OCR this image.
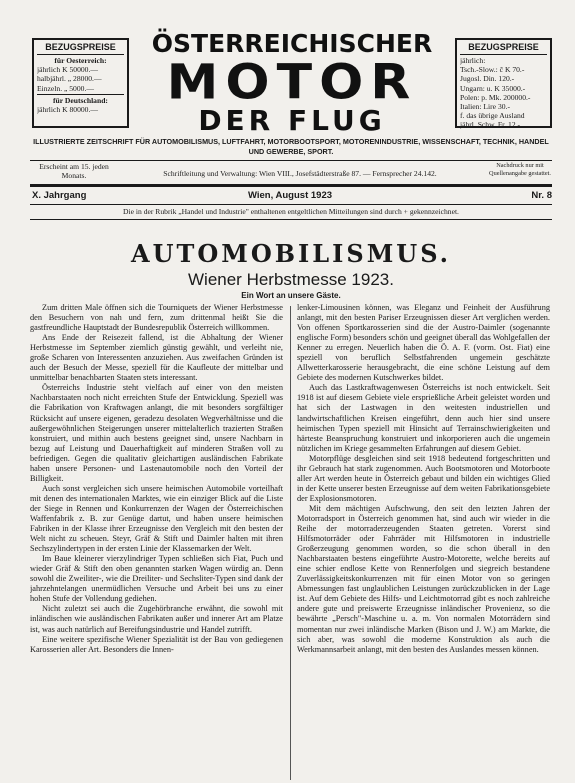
BEZUGSPREISE
für Oesterreich:
jährlich K 50000.—
halbjährl. „ 28000.—
Einzeln. „ 5000.—
für Deutschland:
jährlich K 80000.—
BEZUGSPREISE
jährlich:
Tsch.-Slow.: č K 70.-
Jugosl. Din. 120.-
Ungarn: u. K 35000.-
Polen: p. Mk. 200000.-
Italien: Lire 30.-
f. das übrige Ausland
jährl. Schw. Fr. 12.-
ÖSTERREICHISCHER
MOTOR
DER FLUG
ILLUSTRIERTE ZEITSCHRIFT FÜR AUTOMOBILISMUS, LUFTFAHRT, MOTORBOOTSPORT, MOTORENINDUSTRIE, WISSENSCHAFT, TECHNIK, HANDEL UND GEWERBE, SPORT.
Erscheint am 15. jeden Monats.	Schriftleitung und Verwaltung: Wien VIII., Josefstädterstraße 87. — Fernsprecher 24.142.
Nachdruck nur mit Quellenangabe gestattet.
X. Jahrgang	Wien, August 1923	Nr. 8
Die in der Rubrik „Handel und Industrie" enthaltenen entgeltlichen Mitteilungen sind durch + gekennzeichnet.
AUTOMOBILISMUS.
Wiener Herbstmesse 1923.
Ein Wort an unsere Gäste.

Zum dritten Male öffnen sich die Tourniquets der Wiener Herbstmesse den Besuchern von nah und fern, zum drittenmal heißt Sie die gastfreundliche Hauptstadt der Bundesrepublik Österreich willkommen.

Ans Ende der Reisezeit fallend, ist die Abhaltung der Wiener Herbstmesse im September ziemlich günstig gewählt, und verleiht nie, große Scharen von Interessenten anzuziehen. Aus zweifachen Gründen ist auch der Besuch der Messe, speziell für die Kaufleute der mittelbar und unmittelbar benachbarten Staaten stets interessant.

Österreichs Industrie steht vielfach auf einer von den meisten Nachbarstaaten noch nicht erreichten Stufe der Entwicklung. Speziell was die Fabrikation von Kraftwagen anlangt, die mit besonders sorgfältiger Rücksicht auf unsere eigenen, geradezu desolaten Wegverhältnisse und die außergewöhnlichen Steigerungen unserer mittelalterlich trazierten Straßen konstruiert, und mithin auch bestens geeignet sind, unsere Nachbarn in bezug auf Leistung und Dauerhaftigkeit auf minderen Straßen voll zu befriedigen. Gegen die qualitativ gleichartigen ausländischen Fabrikate haben unsere Personen- und Lastenautomobile noch den Vorteil der Billigkeit.

Auch sonst vergleichen sich unsere heimischen Automobile vorteilhaft mit denen des internationalen Marktes, wie ein einziger Blick auf die Liste der Siege in Rennen und Konkurrenzen der Wagen der Österreichischen Waffenfabrik z. B. zur Genüge dartut, und haben unsere heimischen Fabriken in der Klasse ihrer Erzeugnisse den Vergleich mit den besten der Welt nicht zu scheuen. Steyr, Gräf & Stift und Daimler halten mit ihren Sechszylindertypen in der ersten Linie der Klassemarken der Welt.

Im Baue kleinerer vierzylindriger Typen schließen sich Fiat, Puch und wieder Gräf & Stift den oben genannten starken Wagen würdig an. Denn sowohl die Zweiliter-, wie die Dreiliter- und Sechsliter-Typen sind dank der jahrzehntelangen unermüdlichen Versuche und Arbeit bei uns zu einer hohen Stufe der Vollendung gediehen.

Nicht zuletzt sei auch die Zugehörbranche erwähnt, die sowohl mit inländischen wie ausländischen Fabrikaten außer und innerer Art am Platze ist, was auch natürlich auf Bereifungsindustrie und Handel zutrifft.

Eine weitere spezifische Wiener Spezialität ist der Bau von gediegenen Karosserien aller Art. Besonders die Innen-

lenker-Limousinen können, was Eleganz und Feinheit der Ausführung anlangt, mit den besten Pariser Erzeugnissen dieser Art verglichen werden. Von offenen Sportkarosserien sind die der Austro-Daimler (sogenannte englische Form) besonders schön und geeignet überall das Wohlgefallen der Kenner zu erregen. Neuerlich haben die Ö. A. F. (vorm. Ost. Fiat) eine speziell von beruflich Selbstfahrenden ungemein geschätzte Allwetterkarosserie herausgebracht, die eine schöne Leistung auf dem Gebiete des modernen Kutschwerkes bildet.

Auch das Lastkraftwagenwesen Österreichs ist noch entwickelt. Seit 1918 ist auf diesem Gebiete viele ersprießliche Arbeit geleistet worden und hat sich der Lastwagen in den weitesten industriellen und landwirtschaftlichen Kreisen eingeführt, denn auch hier sind unsere heimischen Typen speziell mit Hinsicht auf Terrainschwierigkeiten und härteste Beanspruchung konstruiert und inkorporieren auch die ungemein nützlichen im Kriege gesammelten Erfahrungen auf diesem Gebiet.

Motorpflüge desgleichen sind seit 1918 bedeutend fortgeschritten und ihr Gebrauch hat stark zugenommen. Auch Bootsmotoren und Motorboote aller Art werden heute in Österreich gebaut und bilden ein wichtiges Glied in der Kette unserer besten Erzeugnisse auf dem weiten Fabrikationsgebiete der Explosionsmotoren.

Mit dem mächtigen Aufschwung, den seit den letzten Jahren der Motorradsport in Österreich genommen hat, sind auch wir wieder in die Reihe der motorraderzeugenden Staaten getreten. Vorerst sind Hilfsmotorräder oder Fahrräder mit Hilfsmotoren in industrielle Großerzeugung genommen worden, so die schon überall in den Nachbarstaaten bestens eingeführte Austro-Motorette, welche bereits auf eine schier endlose Kette von Rennerfolgen und siegreich bestandene Zuverlässigkeitskonkurrenzen mit für einen Motor von so geringen Abmessungen fast unglaublichen Leistungen zurückzublicken in der Lage ist. Auf dem Gebiete des Hilfs- und Leichtmotorrad gibt es noch zahlreiche andere gute und preiswerte Erzeugnisse inländischer Provenienz, so die bewährte „Persch"-Maschine u. a. m. Von normalen Motorrädern sind momentan nur zwei inländische Marken (Bison und J. W.) am Markte, die sich aber, was sowohl die moderne Konstruktion als auch die Werkmannsarbeit anlangt, mit den besten des Auslandes messen können.
